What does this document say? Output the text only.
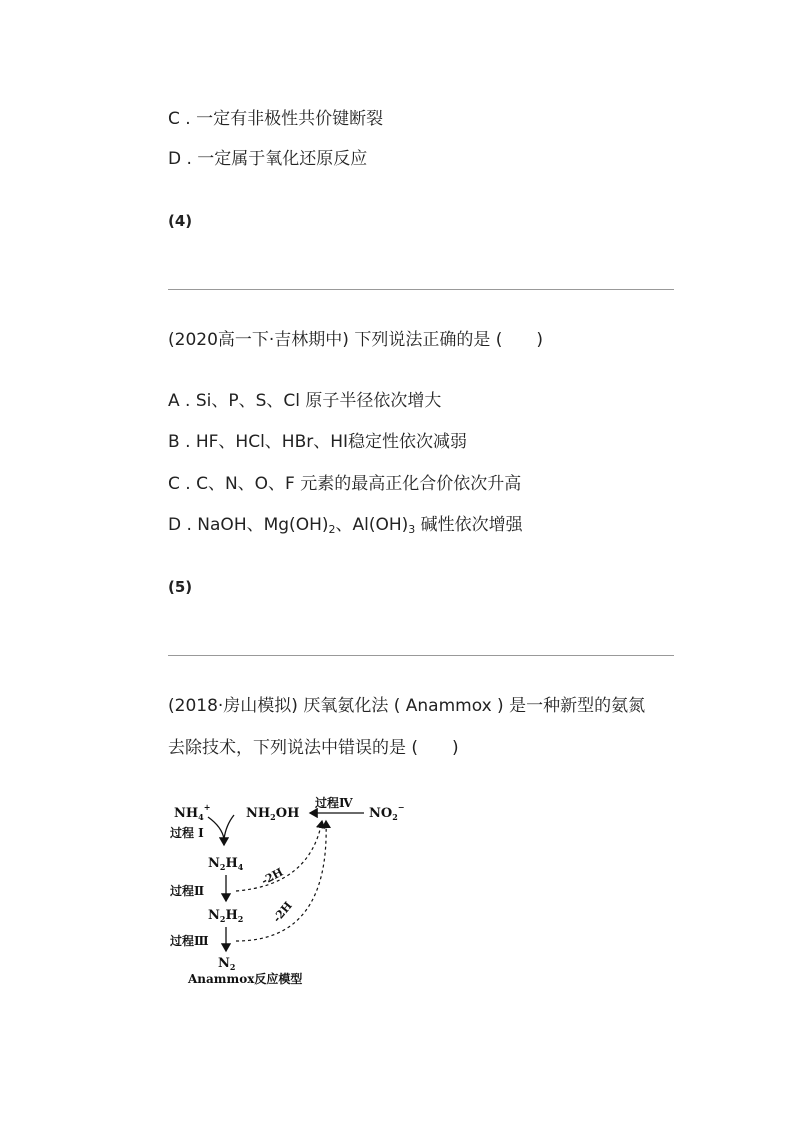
C . 一定有非极性共价键断裂
D . 一定属于氧化还原反应
(4)
(2020高一下·吉林期中) 下列说法正确的是 (　　)
A . Si、P、S、Cl 原子半径依次增大
B . HF、HCl、HBr、HI稳定性依次减弱
C . C、N、O、F 元素的最高正化合价依次升高
D . NaOH、$Mg(OH)_2$、$Al(OH)_3$ 碱性依次增强
(5)
(2018·房山模拟) 厌氧氨化法 ( Anammox ) 是一种新型的氨氮
去除技术，下列说法中错误的是 (　　)
$NH_4^+$	$NH_2OH$	$NO_2^-$
过程Ⅳ
过程 I
$N_2H_4$
过程Ⅱ
$N_2H_2$
过程Ⅲ
$N_2$
-2H
-2H
Anammox反应模型
